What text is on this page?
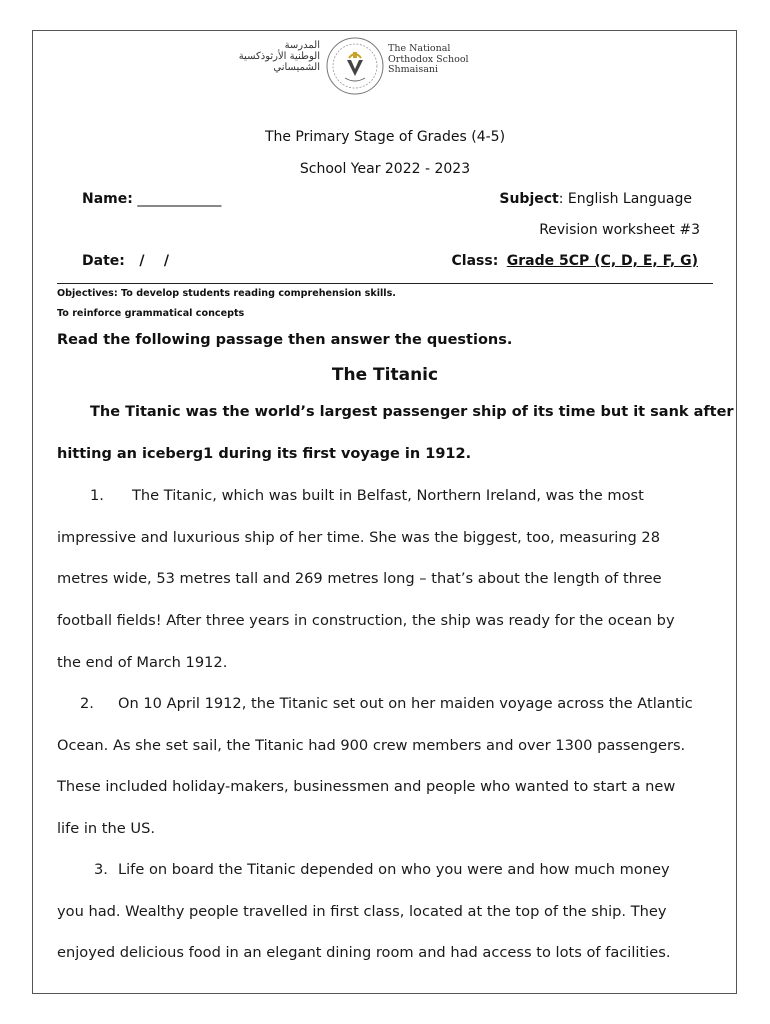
المدرسة
الوطنية الأرثوذكسية
الشميساني
The National
Orthodox School
Shmaisani
The Primary Stage of Grades (4-5)
School Year 2022 - 2023
Name: ____________	Subject: English Language
Revision worksheet #3
Date: /    /	Class: Grade 5CP (C, D, E, F, G)
Objectives: To develop students reading comprehension skills.
To reinforce grammatical concepts
Read the following passage then answer the questions.
The Titanic
The Titanic was the world’s largest passenger ship of its time but it sank after
hitting an iceberg1 during its first voyage in 1912.
1. The Titanic, which was built in Belfast, Northern Ireland, was the most
impressive and luxurious ship of her time. She was the biggest, too, measuring 28
metres wide, 53 metres tall and 269 metres long – that’s about the length of three
football fields! After three years in construction, the ship was ready for the ocean by
the end of March 1912.
2. On 10 April 1912, the Titanic set out on her maiden voyage across the Atlantic
Ocean. As she set sail, the Titanic had 900 crew members and over 1300 passengers.
These included holiday-makers, businessmen and people who wanted to start a new
life in the US.
3. Life on board the Titanic depended on who you were and how much money
you had. Wealthy people travelled in first class, located at the top of the ship. They
enjoyed delicious food in an elegant dining room and had access to lots of facilities.
